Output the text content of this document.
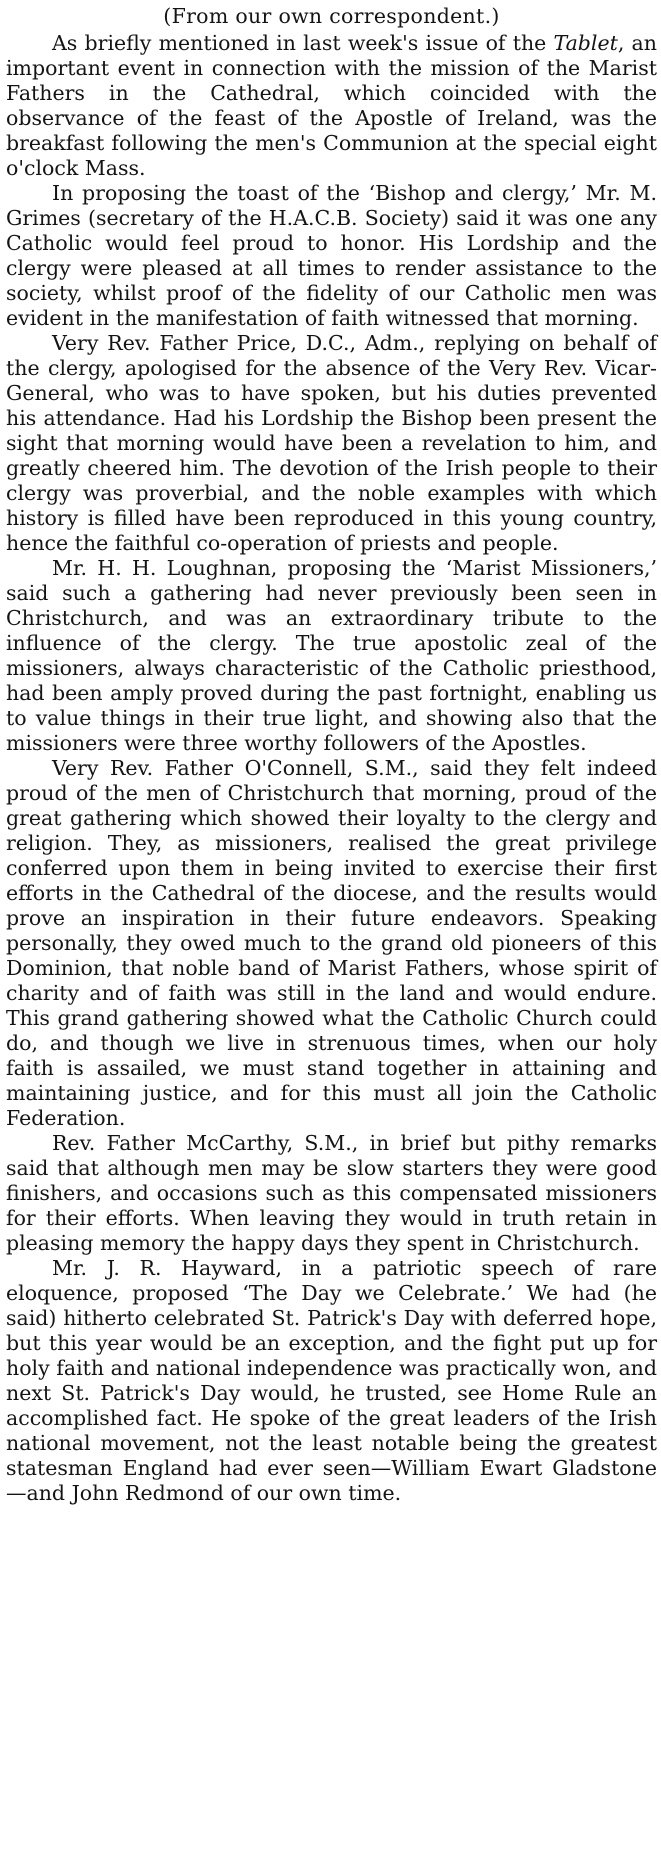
(From our own correspondent.)

As briefly mentioned in last week's issue of the Tablet, an important event in connection with the mission of the Marist Fathers in the Cathedral, which coincided with the observance of the feast of the Apostle of Ireland, was the breakfast following the men's Communion at the special eight o'clock Mass.

In proposing the toast of the ‘Bishop and clergy,’ Mr. M. Grimes (secretary of the H.A.C.B. Society) said it was one any Catholic would feel proud to honor. His Lordship and the clergy were pleased at all times to render assistance to the society, whilst proof of the fidelity of our Catholic men was evident in the manifestation of faith witnessed that morning.

Very Rev. Father Price, D.C., Adm., replying on behalf of the clergy, apologised for the absence of the Very Rev. Vicar-General, who was to have spoken, but his duties prevented his attendance. Had his Lordship the Bishop been present the sight that morning would have been a revelation to him, and greatly cheered him. The devotion of the Irish people to their clergy was proverbial, and the noble examples with which history is filled have been reproduced in this young country, hence the faithful co-operation of priests and people.

Mr. H. H. Loughnan, proposing the ‘Marist Missioners,’ said such a gathering had never previously been seen in Christchurch, and was an extraordinary tribute to the influence of the clergy. The true apostolic zeal of the missioners, always characteristic of the Catholic priesthood, had been amply proved during the past fortnight, enabling us to value things in their true light, and showing also that the missioners were three worthy followers of the Apostles.

Very Rev. Father O'Connell, S.M., said they felt indeed proud of the men of Christchurch that morning, proud of the great gathering which showed their loyalty to the clergy and religion. They, as missioners, realised the great privilege conferred upon them in being invited to exercise their first efforts in the Cathedral of the diocese, and the results would prove an inspiration in their future endeavors. Speaking personally, they owed much to the grand old pioneers of this Dominion, that noble band of Marist Fathers, whose spirit of charity and of faith was still in the land and would endure. This grand gathering showed what the Catholic Church could do, and though we live in strenuous times, when our holy faith is assailed, we must stand together in attaining and maintaining justice, and for this must all join the Catholic Federation.

Rev. Father McCarthy, S.M., in brief but pithy remarks said that although men may be slow starters they were good finishers, and occasions such as this compensated missioners for their efforts. When leaving they would in truth retain in pleasing memory the happy days they spent in Christchurch.

Mr. J. R. Hayward, in a patriotic speech of rare eloquence, proposed ‘The Day we Celebrate.’ We had (he said) hitherto celebrated St. Patrick's Day with deferred hope, but this year would be an exception, and the fight put up for holy faith and national independence was practically won, and next St. Patrick's Day would, he trusted, see Home Rule an accomplished fact. He spoke of the great leaders of the Irish national movement, not the least notable being the greatest statesman England had ever seen—William Ewart Gladstone—and John Redmond of our own time.
